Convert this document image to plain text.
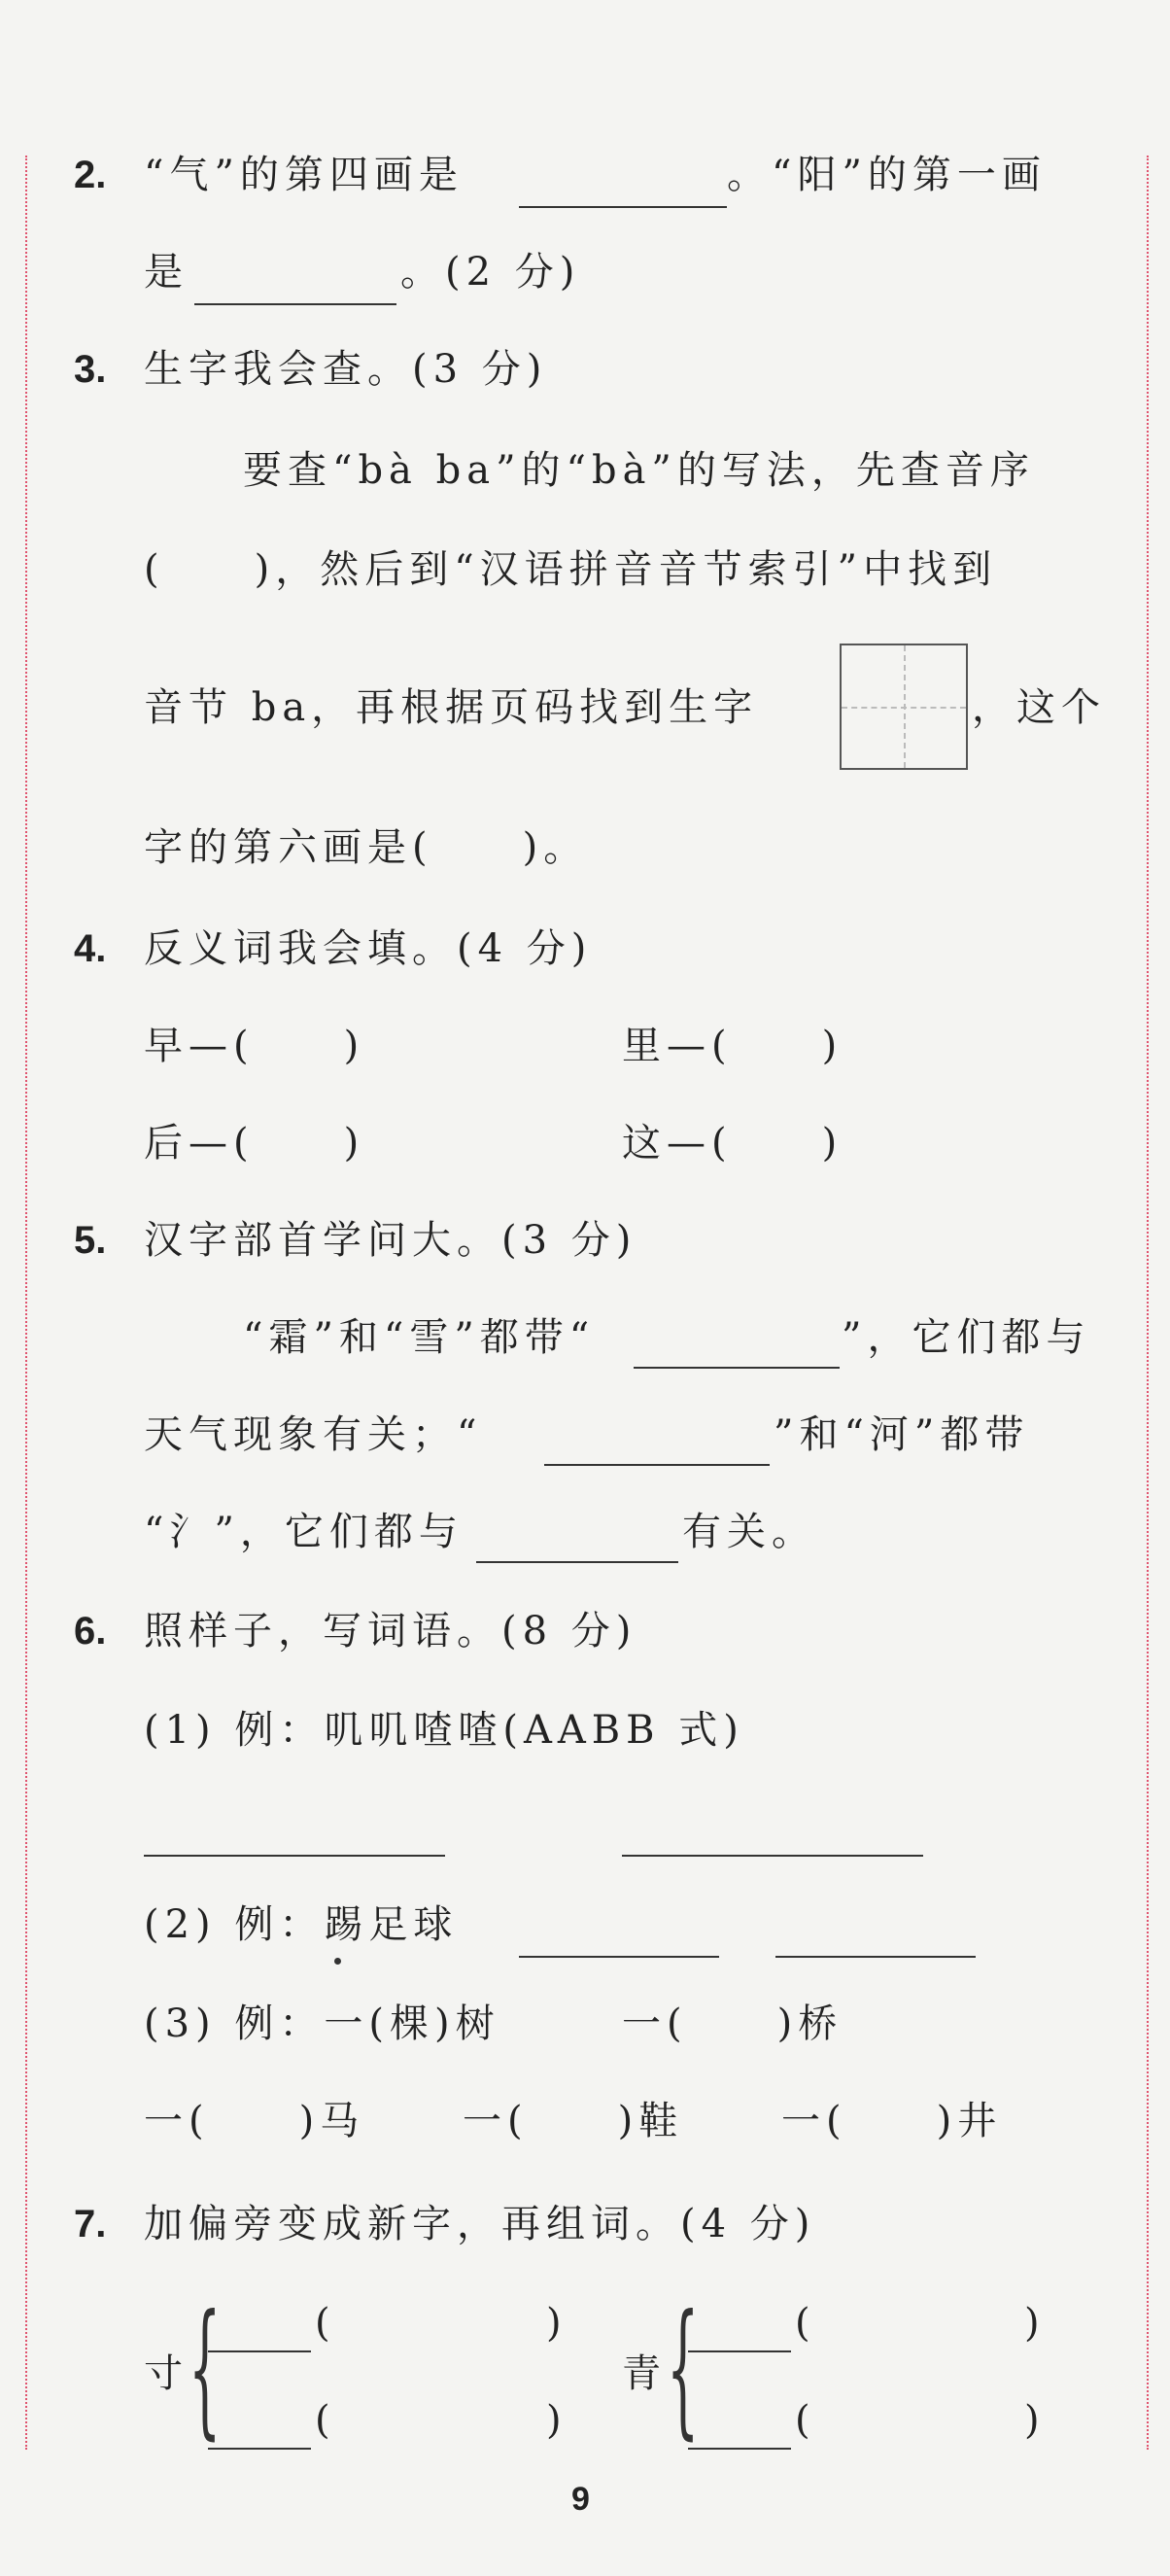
2. “气”的第四画是	。“阳”的第一画
是	。(2 分)
3. 生字我会查。(3 分)
要查“bà ba”的“bà”的写法，先查音序
(　　)，然后到“汉语拼音音节索引”中找到
音节 ba，再根据页码找到生字	，这个
字的第六画是(　　)。
4. 反义词我会填。(4 分)
早—(　　)	里—(　　)
后—(　　)	这—(　　)
5. 汉字部首学问大。(3 分)
“霜”和“雪”都带“	”，它们都与
天气现象有关；“	”和“河”都带
“氵”，它们都与	有关。
6. 照样子，写词语。(8 分)
(1) 例：叽叽喳喳(AABB 式)
(2) 例：踢足球
(3) 例：一(棵)树	一(　　)桥
一(　　)马	一(　　)鞋	一(　　)井
7. 加偏旁变成新字，再组词。(4 分)
寸 { (	)
(	)
青 { (	)
(	)
9
